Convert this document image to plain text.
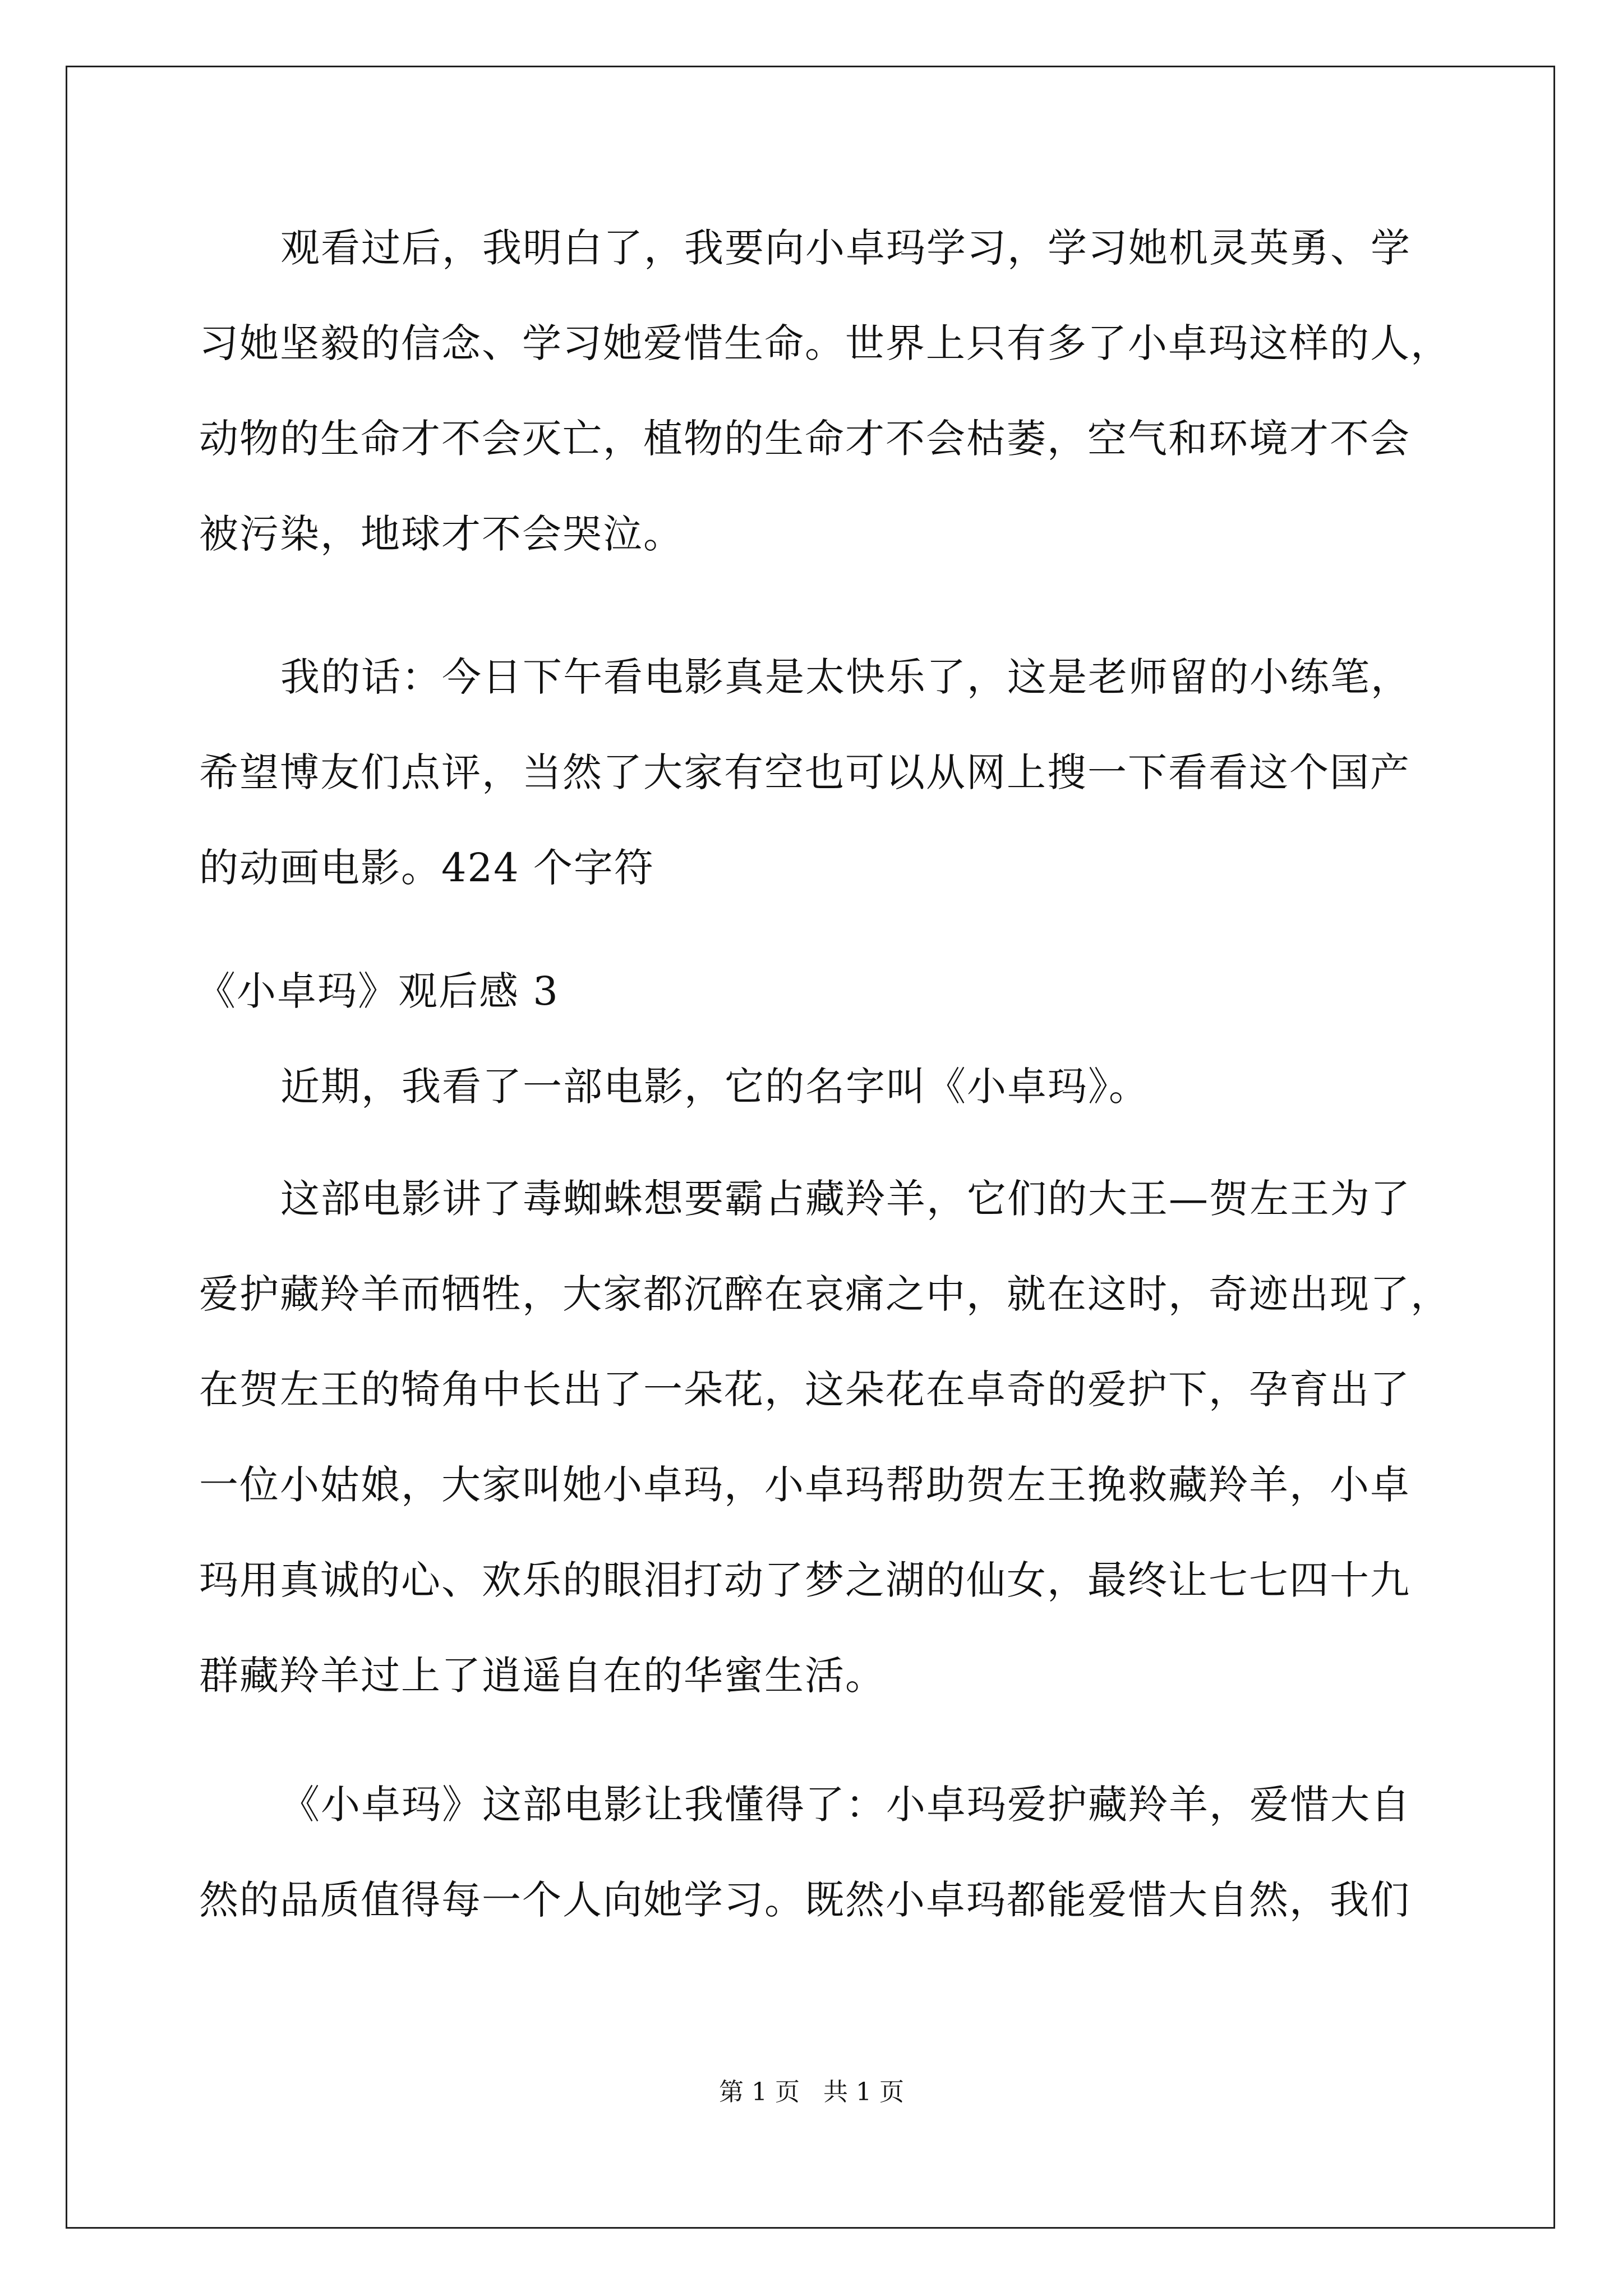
观看过后，我明白了，我要向小卓玛学习，学习她机灵英勇、学
习她坚毅的信念、学习她爱惜生命。世界上只有多了小卓玛这样的人，
动物的生命才不会灭亡，植物的生命才不会枯萎，空气和环境才不会
被污染，地球才不会哭泣。
我的话：今日下午看电影真是太快乐了，这是老师留的小练笔，
希望博友们点评，当然了大家有空也可以从网上搜一下看看这个国产
的动画电影。424 个字符
《小卓玛》观后感 3
近期，我看了一部电影，它的名字叫《小卓玛》。
这部电影讲了毒蜘蛛想要霸占藏羚羊，它们的大王—贺左王为了
爱护藏羚羊而牺牲，大家都沉醉在哀痛之中，就在这时，奇迹出现了，
在贺左王的犄角中长出了一朵花，这朵花在卓奇的爱护下，孕育出了
一位小姑娘，大家叫她小卓玛，小卓玛帮助贺左王挽救藏羚羊，小卓
玛用真诚的心、欢乐的眼泪打动了梦之湖的仙女，最终让七七四十九
群藏羚羊过上了逍遥自在的华蜜生活。
《小卓玛》这部电影让我懂得了：小卓玛爱护藏羚羊，爱惜大自
然的品质值得每一个人向她学习。既然小卓玛都能爱惜大自然，我们
第 1 页   共 1 页
